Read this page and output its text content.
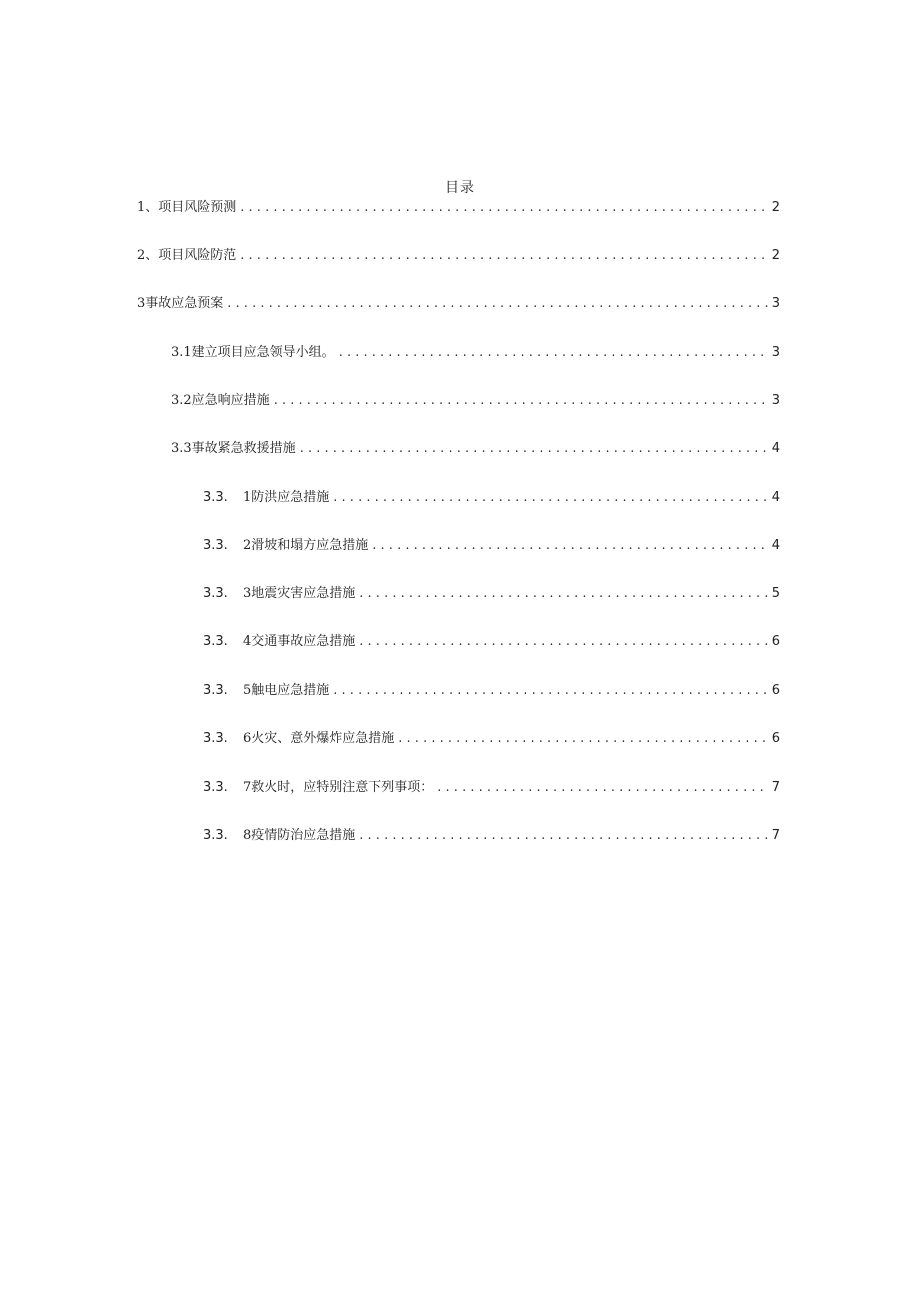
目录
1、项目风险预测 . . .	2
2、项目风险防范 . . .	2
3事故应急预案 . . .	3
3.1建立项目应急领导小组。 . . .	3
3.2应急响应措施 . . .	3
3.3事故紧急救援措施 . . .	4
3.3.	1防洪应急措施 . . .	4
3.3.	2滑坡和塌方应急措施 . . .	4
3.3.	3地震灾害应急措施 . . .	5
3.3.	4交通事故应急措施 . . .	6
3.3.	5触电应急措施 . . .	6
3.3.	6火灾、意外爆炸应急措施 . . .	6
3.3.	7救火时，应特别注意下列事项： . . .	7
3.3.	8疫情防治应急措施 . . .	7
